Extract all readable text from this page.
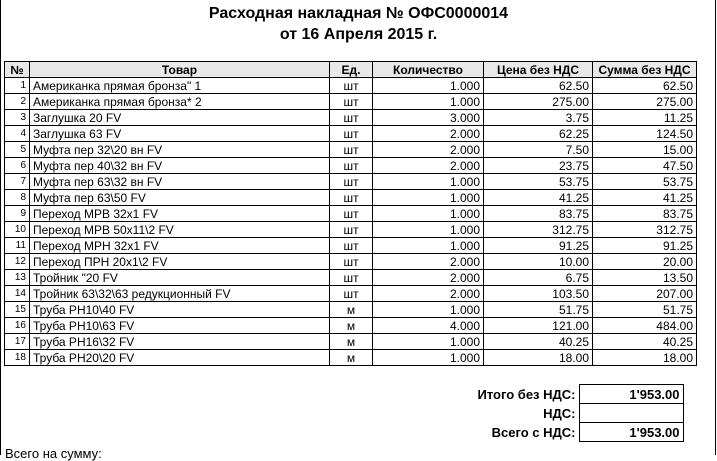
Расходная накладная № ОФС0000014
от 16 Апреля 2015 г.
№	Товар	Ед.	Количество	Цена без НДС	Сумма без НДС
1	Американка прямая бронза" 1	шт	1.000	62.50	62.50
2	Американка прямая бронза* 2	шт	1.000	275.00	275.00
3	Заглушка 20 FV	шт	3.000	3.75	11.25
4	Заглушка 63 FV	шт	2.000	62.25	124.50
5	Муфта пер 32\20 вн FV	шт	2.000	7.50	15.00
6	Муфта пер 40\32 вн FV	шт	2.000	23.75	47.50
7	Муфта пер 63\32 вн FV	шт	1.000	53.75	53.75
8	Муфта пер 63\50 FV	шт	1.000	41.25	41.25
9	Переход МРВ 32х1 FV	шт	1.000	83.75	83.75
10	Переход МРВ 50х11\2 FV	шт	1.000	312.75	312.75
11	Переход МРН 32х1 FV	шт	1.000	91.25	91.25
12	Переход ПРН 20х1\2 FV	шт	2.000	10.00	20.00
13	Тройник "20 FV	шт	2.000	6.75	13.50
14	Тройник 63\32\63 редукционный FV	шт	2.000	103.50	207.00
15	Труба PH10\40 FV	м	1.000	51.75	51.75
16	Труба PH10\63 FV	м	4.000	121.00	484.00
17	Труба PH16\32 FV	м	1.000	40.25	40.25
18	Труба PH20\20 FV	м	1.000	18.00	18.00
Итого без НДС:	1'953.00
НДС:	
Всего с НДС:	1'953.00
Всего на сумму:
